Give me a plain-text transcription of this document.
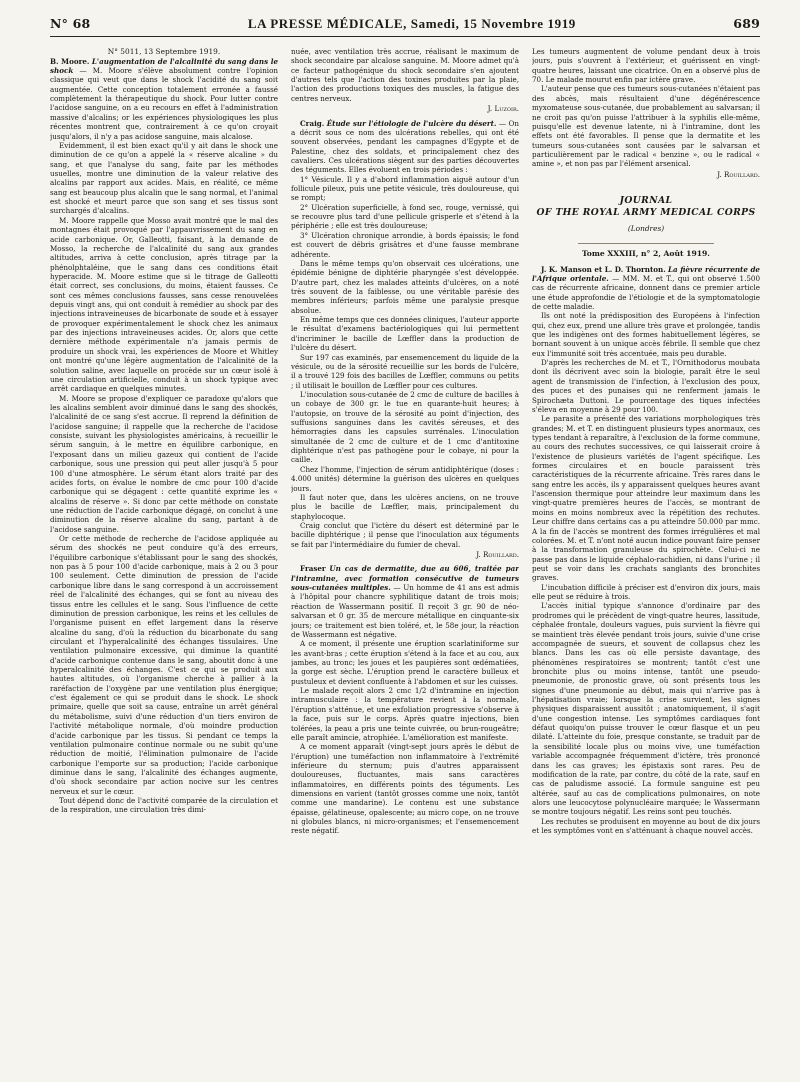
N° 68	LA PRESSE MÉDICALE, Samedi, 15 Novembre 1919	689

N° 5011, 13 Septembre 1919.

B. Moore. L'augmentation de l'alcalinité du sang dans le shock — M. Moore s'élève absolument contre l'opinion classique qui veut que dans le shock l'acidité du sang soit augmentée. Cette conception totalement erronée a faussé complètement la thérapeutique du shock. Pour lutter contre l'acidose sanguine, on a eu recours en effet à l'administration massive d'alcalins; or les expériences physiologiques les plus récentes montrent que, contrairement à ce qu'on croyait jusqu'alors, il n'y a pas acidose sanguine, mais alcalose.

Evidemment, il est bien exact qu'il y ait dans le shock une diminution de ce qu'on a appelé la « réserve alcaline » du sang, et que l'analyse du sang, faite par les méthodes usuelles, montre une diminution de la valeur relative des alcalins par rapport aux acides. Mais, en réalité, ce même sang est beaucoup plus alcalin que le sang normal, et l'animal est shocké et meurt parce que son sang et ses tissus sont surchargés d'alcalins.

M. Moore rappelle que Mosso avait montré que le mal des montagnes était provoqué par l'appauvrissement du sang en acide carbonique. Or, Galleotti, faisant, à la demande de Mosso, la recherche de l'alcalinité du sang aux grandes altitudes, arriva à cette conclusion, après titrage par la phénolphtaléine, que le sang dans ces conditions était hyperacide. M. Moore estime que si le titrage de Galleotti était correct, ses conclusions, du moins, étaient fausses. Ce sont ces mêmes conclusions fausses, sans cesse renouvelées depuis vingt ans, qui ont conduit à remédier au shock par des injections intraveineuses de bicarbonate de soude et à essayer de provoquer expérimentalement le shock chez les animaux par des injections intraveineuses acides. Or, alors que cette dernière méthode expérimentale n'a jamais permis de produire un shock vrai, les expériences de Moore et Whitley ont montré qu'une légère augmentation de l'alcalinité de la solution saline, avec laquelle on procède sur un cœur isolé à une circulation artificielle, conduit à un shock typique avec arrêt cardiaque en quelques minutes.

M. Moore se propose d'expliquer ce paradoxe qu'alors que les alcalins semblent avoir diminué dans le sang des shockés, l'alcalinité de ce sang s'est accrue. Il reprend la définition de l'acidose sanguine; il rappelle que la recherche de l'acidose consiste, suivant les physiologistes américains, à recueillir le sérum sanguin, à le mettre en équilibre carbonique, en l'exposant dans un milieu gazeux qui contient de l'acide carbonique, sous une pression qui peut aller jusqu'à 5 pour 100 d'une atmosphère. Le sérum étant alors traité par des acides forts, on évalue le nombre de cmc pour 100 d'acide carbonique qui se dégagent : cette quantité exprime les « alcalins de réserve ». Si donc par cette méthode on constate une réduction de l'acide carbonique dégagé, on conclut à une diminution de la réserve alcaline du sang, partant à de l'acidose sanguine.

Or cette méthode de recherche de l'acidose appliquée au sérum des shockés ne peut conduire qu'à des erreurs, l'équilibre carbonique s'établissant pour le sang des shockés, non pas à 5 pour 100 d'acide carbonique, mais à 2 ou 3 pour 100 seulement. Cette diminution de pression de l'acide carbonique libre dans le sang correspond à un accroissement réel de l'alcalinité des échanges, qui se font au niveau des tissus entre les cellules et le sang. Sous l'influence de cette diminution de pression carbonique, les reins et les cellules de l'organisme puisent en effet largement dans la réserve alcaline du sang, d'où la réduction du bicarbonate du sang circulant et l'hyperalcalinité des échanges tissulaires. Une ventilation pulmonaire excessive, qui diminue la quantité d'acide carbonique contenue dans le sang, aboutit donc à une hyperalcalinité des échanges. C'est ce qui se produit aux hautes altitudes, où l'organisme cherche à pallier à la raréfaction de l'oxygène par une ventilation plus énergique; c'est également ce qui se produit dans le shock. Le shock primaire, quelle que soit sa cause, entraîne un arrêt général du métabolisme, suivi d'une réduction d'un tiers environ de l'activité métabolique normale, d'où moindre production d'acide carbonique par les tissus. Si pendant ce temps la ventilation pulmonaire continue normale ou ne subit qu'une réduction de moitié, l'élimination pulmonaire de l'acide carbonique l'emporte sur sa production; l'acide carbonique diminue dans le sang, l'alcalinité des échanges augmente, d'où shock secondaire par action nocive sur les centres nerveux et sur le cœur.

Tout dépend donc de l'activité comparée de la circulation et de la respiration, une circulation très dimi-

nuée, avec ventilation très accrue, réalisant le maximum de shock secondaire par alcalose sanguine. M. Moore admet qu'à ce facteur pathogénique du shock secondaire s'en ajoutent d'autres tels que l'action des toxines produites par la plaie, l'action des productions toxiques des muscles, la fatigue des centres nerveux.

J. Luzoir.

Craig. Étude sur l'étiologie de l'ulcère du désert. — On a décrit sous ce nom des ulcérations rebelles, qui ont été souvent observées, pendant les campagnes d'Egypte et de Palestine, chez des soldats, et principalement chez des cavaliers. Ces ulcérations siègent sur des parties découvertes des téguments. Elles évoluent en trois périodes :

1° Vésicule. Il y a d'abord inflammation aiguë autour d'un follicule pileux, puis une petite vésicule, très douloureuse, qui se rompt;

2° Ulcération superficielle, à fond sec, rouge, vernissé, qui se recouvre plus tard d'une pellicule grisperle et s'étend à la périphérie ; elle est très douloureuse;

3° Ulcération chronique arrondie, à bords épaissis; le fond est couvert de débris grisâtres et d'une fausse membrane adhérente.

Dans le même temps qu'on observait ces ulcérations, une épidémie bénigne de diphtérie pharyngée s'est développée. D'autre part, chez les malades atteints d'ulcères, on a noté très souvent de la faiblesse, ou une véritable parésie des membres inférieurs; parfois même une paralysie presque absolue.

En même temps que ces données cliniques, l'auteur apporte le résultat d'examens bactériologiques qui lui permettent d'incriminer le bacille de Lœffler dans la production de l'ulcère du désert.

Sur 197 cas examinés, par ensemencement du liquide de la vésicule, ou de la sérosité recueillie sur les bords de l'ulcère, il a trouvé 129 fois des bacilles de Lœffler, communs ou petits ; il utilisait le bouillon de Lœffler pour ces cultures.

L'inoculation sous-cutanée de 2 cmc de culture de bacilles à un cobaye de 300 gr. le tue en quarante-huit heures; à l'autopsie, on trouve de la sérosité au point d'injection, des suffusions sanguines dans les cavités séreuses, et des hémorragies dans les capsules surrénales. L'inoculation simultanée de 2 cmc de culture et de 1 cmc d'antitoxine diphtérique n'est pas pathogène pour le cobaye, ni pour la caille.

Chez l'homme, l'injection de sérum antidiphtérique (doses : 4.000 unités) détermine la guérison des ulcères en quelques jours.

Il faut noter que, dans les ulcères anciens, on ne trouve plus le bacille de Lœffler, mais, principalement du staphylocoque.

Craig conclut que l'ictère du désert est déterminé par le bacille diphtérique ; il pense que l'inoculation aux téguments se fait par l'intermédiaire du fumier de cheval.

J. Rouillard.

Fraser Un cas de dermatite, due au 606, traitée par l'intramine, avec formation consécutive de tumeurs sous-cutanées multiples. — Un homme de 41 ans est admis à l'hôpital pour chancre syphilitique datant de trois mois; réaction de Wassermann positif. Il reçoit 3 gr. 90 de néo-salvarsan et 0 gr. 35 de mercure métallique en cinquante-six jours; ce traitement est bien toléré, et, le 58e jour, la réaction de Wassermann est négative.

A ce moment, il présente une éruption scarlatiniforme sur les avant-bras ; cette éruption s'étend à la face et au cou, aux jambes, au tronc; les joues et les paupières sont œdématiées, la gorge est sèche. L'éruption prend le caractère bulleux et pustuleux et devient confluente à l'abdomen et sur les cuisses.

Le malade reçoit alors 2 cmc 1/2 d'intramine en injection intramusculaire : la température revient à la normale, l'éruption s'atténue, et une exfoliation progressive s'observe à la face, puis sur le corps. Après quatre injections, bien tolérées, la peau a pris une teinte cuivrée, ou brun-rougeâtre; elle paraît amincie, atrophiée. L'amélioration est manifeste.

A ce moment apparaît (vingt-sept jours après le début de l'éruption) une tuméfaction non inflammatoire à l'extrémité inférieure du sternum; puis d'autres apparaissent douloureuses, fluctuantes, mais sans caractères inflammatoires, en différents points des téguments. Les dimensions en varient (tantôt grosses comme une noix, tantôt comme une mandarine). Le contenu est une substance épaisse, gélatineuse, opalescente; au micro cope, on ne trouve ni globules blancs, ni micro-organismes; et l'ensemencement reste négatif.

Les tumeurs augmentent de volume pendant deux à trois jours, puis s'ouvrent à l'extérieur, et guérissent en vingt-quatre heures, laissant une cicatrice. On en a observé plus de 70. Le malade mourut enfin par ictère grave.

L'auteur pense que ces tumeurs sous-cutanées n'étaient pas des abcès, mais résultaient d'une dégénérescence myxomateuse sous-cutanée, due probablement au salvarsan; il ne croit pas qu'on puisse l'attribuer à la syphilis elle-même, puisqu'elle est devenue latente, ni à l'intramine, dont les effets ont été favorables. Il pense que la dermatite et les tumeurs sous-cutanées sont causées par le salvarsan et particulièrement par le radical « benzine », ou le radical « amine », et non pas par l'élément arsenical.

J. Rouillard.

JOURNAL
OF THE ROYAL ARMY MEDICAL CORPS
(Londres)
Tome XXXIII, n° 2, Août 1919.

J. K. Manson et L. D. Thornton. La fièvre récurrente de l'Afrique orientale. — MM. M. et T., qui ont observé 1.500 cas de récurrente africaine, donnent dans ce premier article une étude approfondie de l'étiologie et de la symptomatologie de cette maladie.

Ils ont noté la prédisposition des Européens à l'infection qui, chez eux, prend une allure très grave et prolongée, tandis que les indigènes ont des formes habituellement légères, se bornant souvent à un unique accès fébrile. Il semble que chez eux l'immunité soit très accentuée, mais peu durable.

D'après les recherches de M. et T., l'Ornithodorus moubata dont ils décrivent avec soin la biologie, paraît être le seul agent de transmission de l'infection, à l'exclusion des poux, des puces et des punaises qui ne renferment jamais le Spirochæta Duttoni. Le pourcentage des tiques infectées s'éleva en moyenne à 29 pour 100.

Le parasite a présenté des variations morphologiques très grandes; M. et T. en distinguent plusieurs types anormaux, ces types tendant à reparaître, à l'exclusion de la forme commune, au cours des rechutes successives, ce qui laisserait croire à l'existence de plusieurs variétés de l'agent spécifique. Les formes circulaires et en boucle paraissent très caractéristiques de la récurrente africaine. Très rares dans le sang entre les accès, ils y apparaissent quelques heures avant l'ascension thermique pour atteindre leur maximum dans les vingt-quatre premières heures de l'accès, se montrant de moins en moins nombreux avec la répétition des rechutes. Leur chiffre dans certains cas a pu atteindre 50.000 par mmc. A la fin de l'accès se montrent des formes irrégulières et mal colorées. M. et T. n'ont noté aucun indice pouvant faire penser à la transformation granuleuse du spirochète. Celui-ci ne passe pas dans le liquide céphalo-rachidien, ni dans l'urine ; il peut se voir dans les crachats sanglants des bronchites graves.

L'incubation difficile à préciser est d'environ dix jours, mais elle peut se réduire à trois.

L'accès initial typique s'annonce d'ordinaire par des prodromes qui le précèdent de vingt-quatre heures, lassitude, céphalée frontale, douleurs vagues, puis survient la fièvre qui se maintient très élevée pendant trois jours, suivie d'une crise accompagnée de sueurs, et souvent de collapsus chez les blancs. Dans les cas où elle persiste davantage, des phénomènes respiratoires se montrent; tantôt c'est une bronchite plus ou moins intense, tantôt une pseudo-pneumonie, de pronostic grave, où sont présents tous les signes d'une pneumonie au début, mais qui n'arrive pas à l'hépatisation vraie; lorsque la crise survient, les signes physiques disparaissent aussitôt ; anatomiquement, il s'agit d'une congestion intense. Les symptômes cardiaques font défaut quoiqu'on puisse trouver le cœur flasque et un peu dilaté. L'atteinte du foie, presque constante, se traduit par de la sensibilité locale plus ou moins vive, une tuméfaction variable accompagnée fréquemment d'ictère, très prononcé dans les cas graves; les épistaxis sont rares. Peu de modification de la rate, par contre, du côté de la rate, sauf en cas de paludisme associé. La formule sanguine est peu altérée, sauf au cas de complications pulmonaires, on note alors une leucocytose polynucléaire marquée; le Wassermann se montre toujours négatif. Les reins sont peu touchés.

Les rechutes se produisent en moyenne au bout de dix jours et les symptômes vont en s'atténuant à chaque nouvel accès.
